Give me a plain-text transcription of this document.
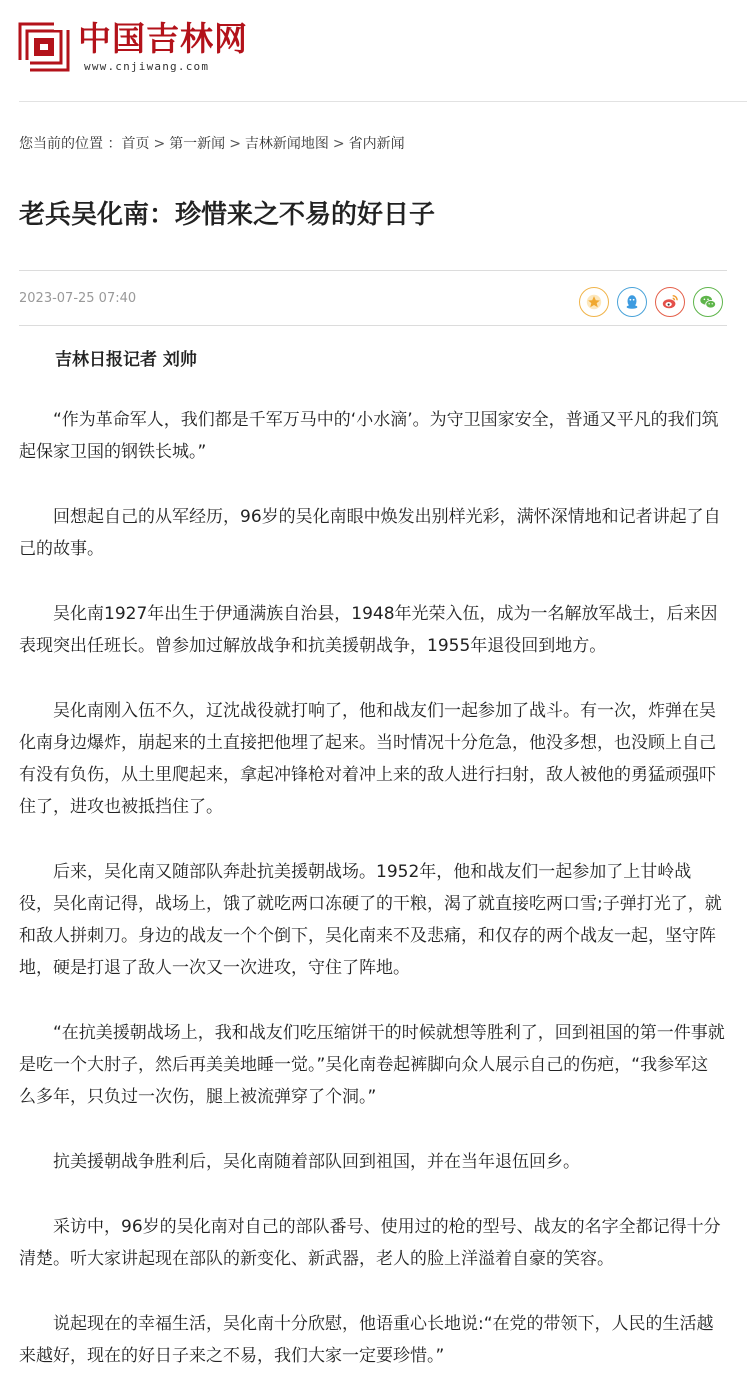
中国吉林网
www.cnjiwang.com
您当前的位置 ：首页 > 第一新闻 > 吉林新闻地图 > 省内新闻
老兵吴化南：珍惜来之不易的好日子
2023-07-25 07:40

吉林日报记者 刘帅

“作为革命军人，我们都是千军万马中的‘小水滴’。为守卫国家安全，普通又平凡的我们筑起保家卫国的钢铁长城。”

回想起自己的从军经历，96岁的吴化南眼中焕发出别样光彩，满怀深情地和记者讲起了自己的故事。

吴化南1927年出生于伊通满族自治县，1948年光荣入伍，成为一名解放军战士，后来因表现突出任班长。曾参加过解放战争和抗美援朝战争，1955年退役回到地方。

吴化南刚入伍不久，辽沈战役就打响了，他和战友们一起参加了战斗。有一次，炸弹在吴化南身边爆炸，崩起来的土直接把他埋了起来。当时情况十分危急，他没多想，也没顾上自己有没有负伤，从土里爬起来，拿起冲锋枪对着冲上来的敌人进行扫射，敌人被他的勇猛顽强吓住了，进攻也被抵挡住了。

后来，吴化南又随部队奔赴抗美援朝战场。1952年，他和战友们一起参加了上甘岭战役，吴化南记得，战场上，饿了就吃两口冻硬了的干粮，渴了就直接吃两口雪;子弹打光了，就和敌人拼刺刀。身边的战友一个个倒下，吴化南来不及悲痛，和仅存的两个战友一起，坚守阵地，硬是打退了敌人一次又一次进攻，守住了阵地。

“在抗美援朝战场上，我和战友们吃压缩饼干的时候就想等胜利了，回到祖国的第一件事就是吃一个大肘子，然后再美美地睡一觉。”吴化南卷起裤脚向众人展示自己的伤疤，“我参军这么多年，只负过一次伤，腿上被流弹穿了个洞。”

抗美援朝战争胜利后，吴化南随着部队回到祖国，并在当年退伍回乡。

采访中，96岁的吴化南对自己的部队番号、使用过的枪的型号、战友的名字全都记得十分清楚。听大家讲起现在部队的新变化、新武器，老人的脸上洋溢着自豪的笑容。

说起现在的幸福生活，吴化南十分欣慰，他语重心长地说:“在党的带领下，人民的生活越来越好，现在的好日子来之不易，我们大家一定要珍惜。”
